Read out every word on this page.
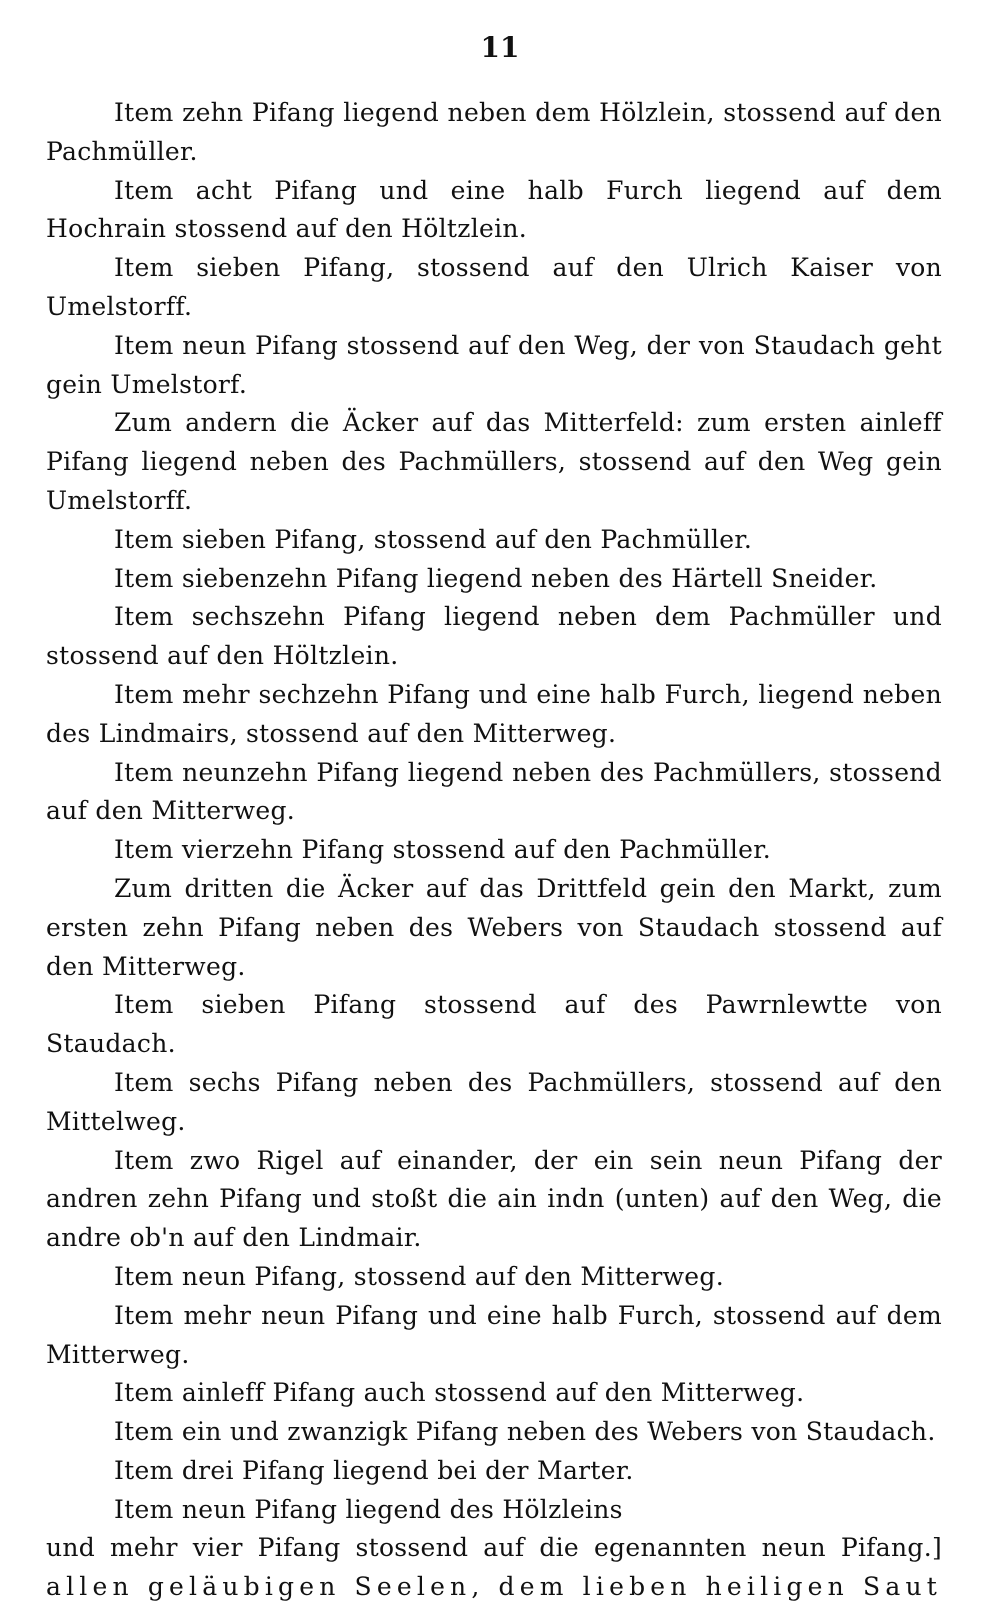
11

Item zehn Pifang liegend neben dem Hölzlein, stossend auf den Pachmüller.

Item acht Pifang und eine halb Furch liegend auf dem Hochrain stossend auf den Höltzlein.

Item sieben Pifang, stossend auf den Ulrich Kaiser von Umelstorff.

Item neun Pifang stossend auf den Weg, der von Staudach geht gein Umelstorf.

Zum andern die Äcker auf das Mitterfeld: zum ersten ainleff Pifang liegend neben des Pachmüllers, stossend auf den Weg gein Umelstorff.

Item sieben Pifang, stossend auf den Pachmüller.

Item siebenzehn Pifang liegend neben des Härtell Sneider.

Item sechszehn Pifang liegend neben dem Pachmüller und stossend auf den Höltzlein.

Item mehr sechzehn Pifang und eine halb Furch, liegend neben des Lindmairs, stossend auf den Mitterweg.

Item neunzehn Pifang liegend neben des Pachmüllers, stossend auf den Mitterweg.

Item vierzehn Pifang stossend auf den Pachmüller.

Zum dritten die Äcker auf das Drittfeld gein den Markt, zum ersten zehn Pifang neben des Webers von Staudach stossend auf den Mitterweg.

Item sieben Pifang stossend auf des Pawrnlewtte von Staudach.

Item sechs Pifang neben des Pachmüllers, stossend auf den Mittelweg.

Item zwo Rigel auf einander, der ein sein neun Pifang der andren zehn Pifang und stoßt die ain indn (unten) auf den Weg, die andre ob'n auf den Lindmair.

Item neun Pifang, stossend auf den Mitterweg.

Item mehr neun Pifang und eine halb Furch, stossend auf dem Mitterweg.

Item ainleff Pifang auch stossend auf den Mitterweg.

Item ein und zwanzigk Pifang neben des Webers von Staudach.

Item drei Pifang liegend bei der Marter.

Item neun Pifang liegend des Hölzleins

und mehr vier Pifang stossend auf die egenannten neun Pifang.]

allen geläubigen Seelen, dem lieben heiligen Saut
